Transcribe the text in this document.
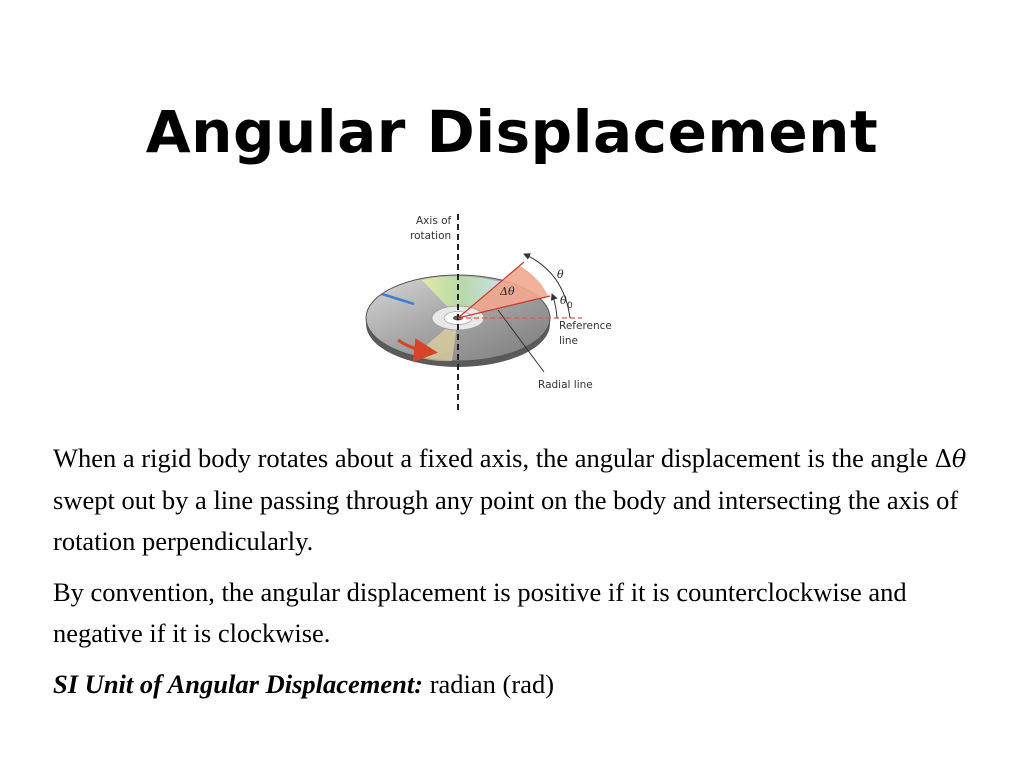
Angular Displacement
Axis of
rotation
θ
Δθ
θ 0
Reference
line
Radial line

When a rigid body rotates about a fixed axis, the angular displacement is the angle Δθ swept out by a line passing through any point on the body and intersecting the axis of rotation perpendicularly.

By convention, the angular displacement is positive if it is counterclockwise and negative if it is clockwise.

SI Unit of Angular Displacement: radian (rad)
